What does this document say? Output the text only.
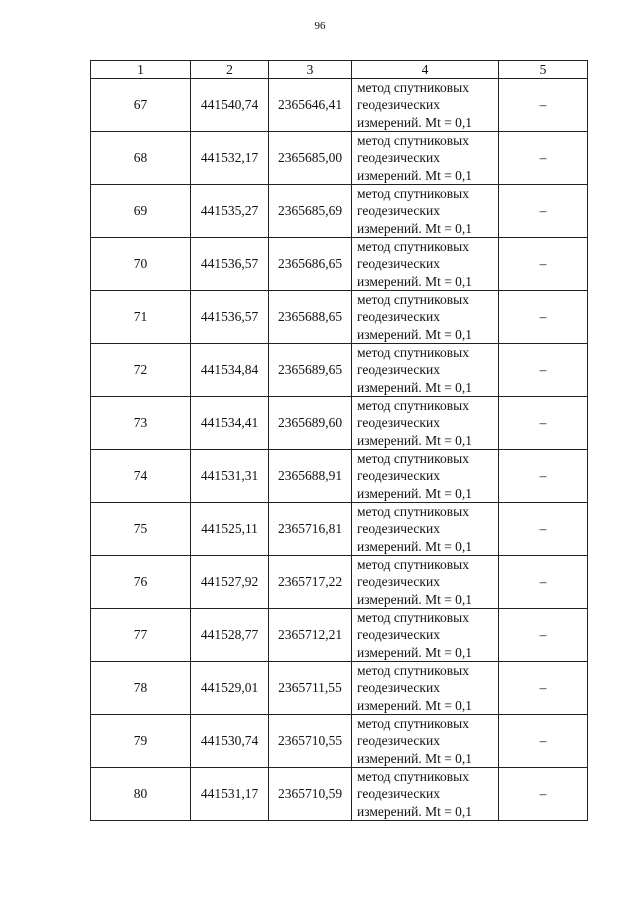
96
1	2	3	4	5
67	441540,74	2365646,41	метод спутниковых
геодезических
измерений. Mt = 0,1	–
68	441532,17	2365685,00	метод спутниковых
геодезических
измерений. Mt = 0,1	–
69	441535,27	2365685,69	метод спутниковых
геодезических
измерений. Mt = 0,1	–
70	441536,57	2365686,65	метод спутниковых
геодезических
измерений. Mt = 0,1	–
71	441536,57	2365688,65	метод спутниковых
геодезических
измерений. Mt = 0,1	–
72	441534,84	2365689,65	метод спутниковых
геодезических
измерений. Mt = 0,1	–
73	441534,41	2365689,60	метод спутниковых
геодезических
измерений. Mt = 0,1	–
74	441531,31	2365688,91	метод спутниковых
геодезических
измерений. Mt = 0,1	–
75	441525,11	2365716,81	метод спутниковых
геодезических
измерений. Mt = 0,1	–
76	441527,92	2365717,22	метод спутниковых
геодезических
измерений. Mt = 0,1	–
77	441528,77	2365712,21	метод спутниковых
геодезических
измерений. Mt = 0,1	–
78	441529,01	2365711,55	метод спутниковых
геодезических
измерений. Mt = 0,1	–
79	441530,74	2365710,55	метод спутниковых
геодезических
измерений. Mt = 0,1	–
80	441531,17	2365710,59	метод спутниковых
геодезических
измерений. Mt = 0,1	–
